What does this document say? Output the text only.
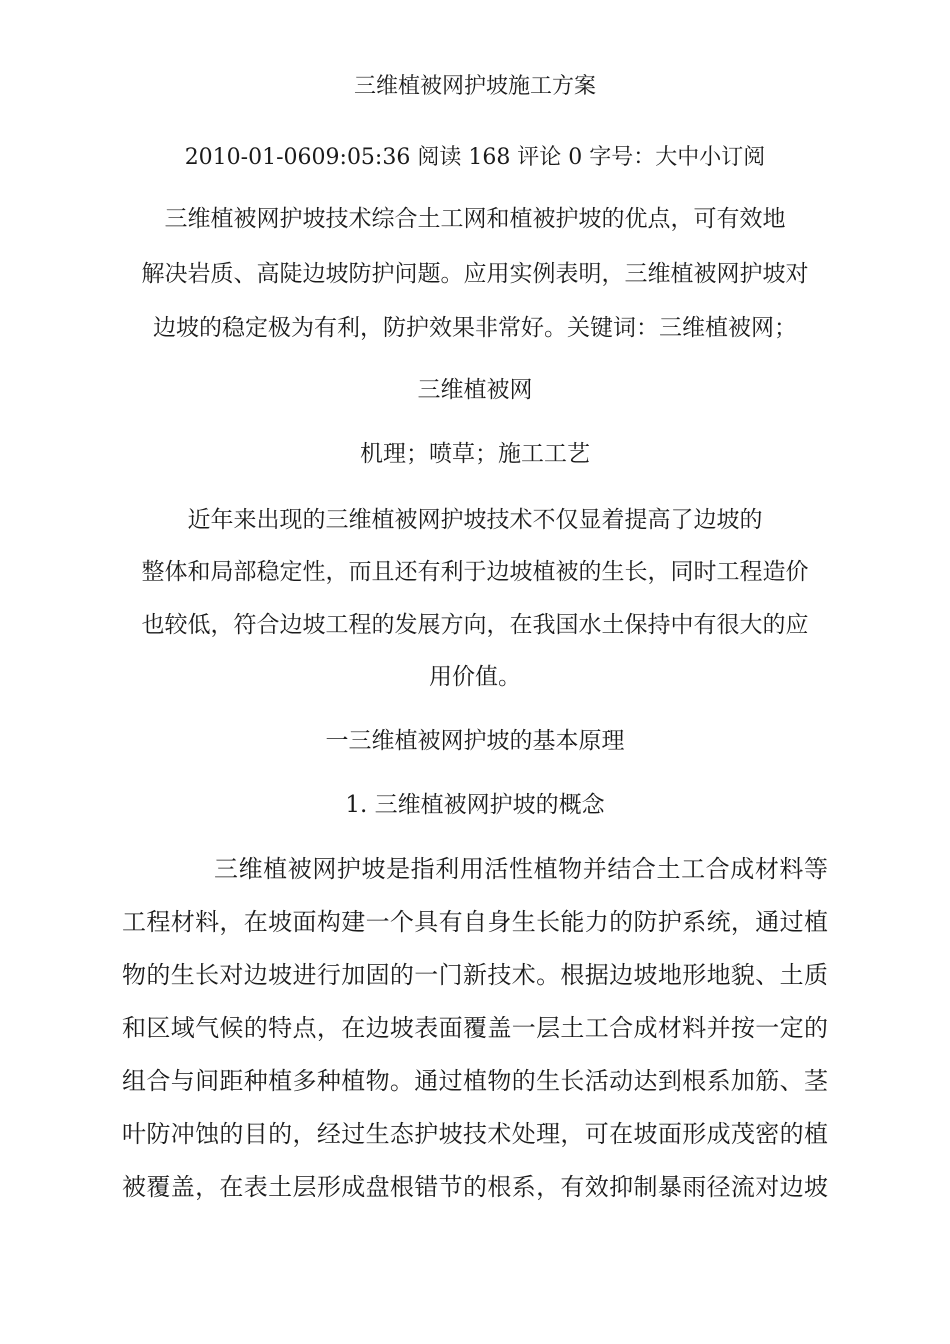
三维植被网护坡施工方案
2010-01-0609:05:36 阅读 168 评论 0 字号：大中小订阅
三维植被网护坡技术综合土工网和植被护坡的优点，可有效地
解决岩质、高陡边坡防护问题。应用实例表明，三维植被网护坡对
边坡的稳定极为有利，防护效果非常好。关键词：三维植被网；
三维植被网
机理；喷草；施工工艺
近年来出现的三维植被网护坡技术不仅显着提高了边坡的
整体和局部稳定性，而且还有利于边坡植被的生长，同时工程造价
也较低，符合边坡工程的发展方向，在我国水土保持中有很大的应
用价值。
一三维植被网护坡的基本原理
1. 三维植被网护坡的概念
三维植被网护坡是指利用活性植物并结合土工合成材料等
工程材料，在坡面构建一个具有自身生长能力的防护系统，通过植
物的生长对边坡进行加固的一门新技术。根据边坡地形地貌、土质
和区域气候的特点，在边坡表面覆盖一层土工合成材料并按一定的
组合与间距种植多种植物。通过植物的生长活动达到根系加筋、茎
叶防冲蚀的目的，经过生态护坡技术处理，可在坡面形成茂密的植
被覆盖，在表土层形成盘根错节的根系，有效抑制暴雨径流对边坡
